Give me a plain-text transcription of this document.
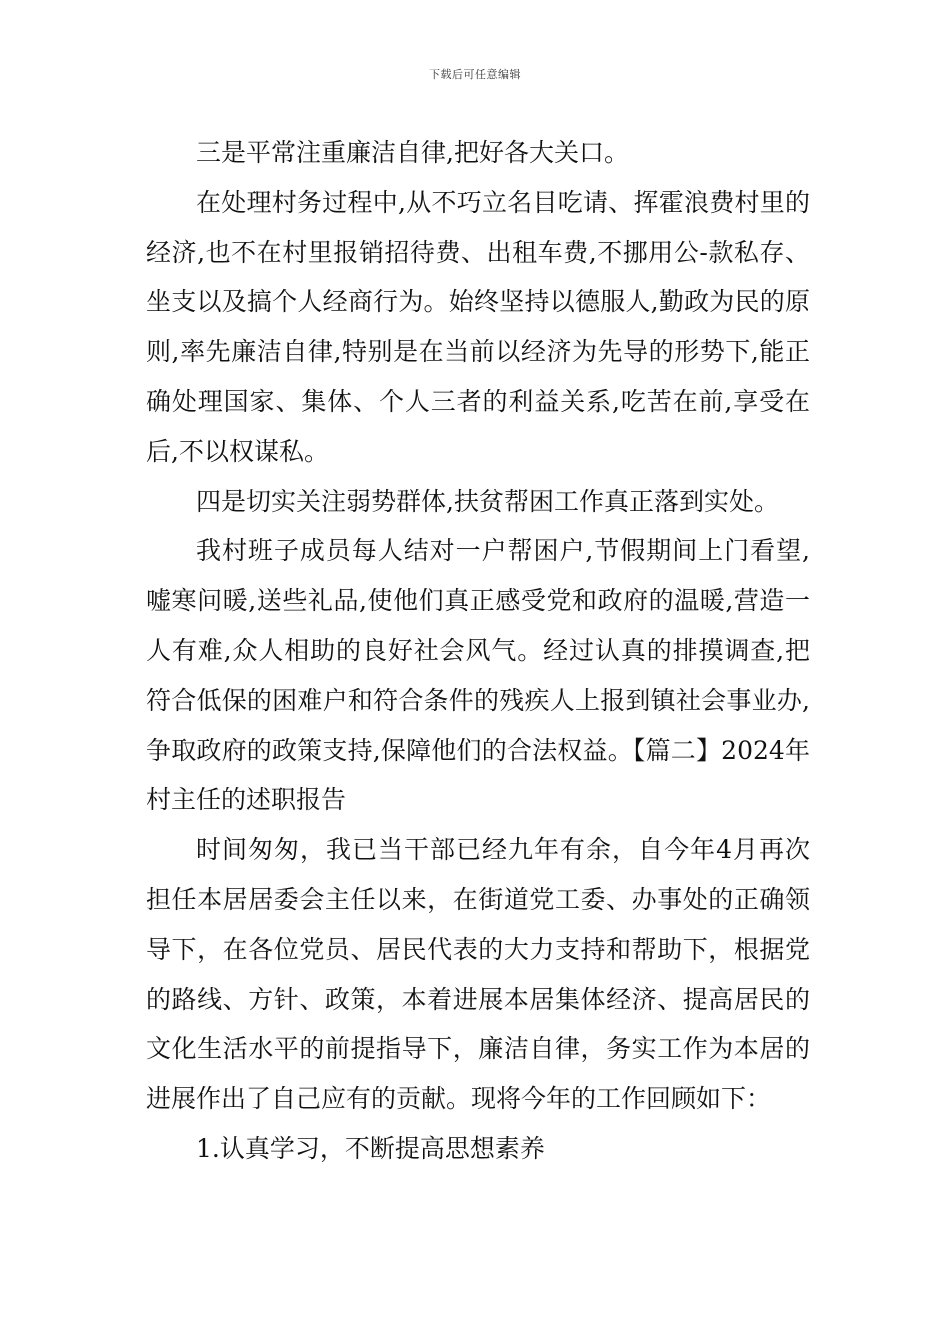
下载后可任意编辑

三是平常注重廉洁自律,把好各大关口。

在处理村务过程中,从不巧立名目吃请、挥霍浪费村里的经济,也不在村里报销招待费、出租车费,不挪用公-款私存、坐支以及搞个人经商行为。始终坚持以德服人,勤政为民的原则,率先廉洁自律,特别是在当前以经济为先导的形势下,能正确处理国家、集体、个人三者的利益关系,吃苦在前,享受在后,不以权谋私。

四是切实关注弱势群体,扶贫帮困工作真正落到实处。

我村班子成员每人结对一户帮困户,节假期间上门看望,嘘寒问暖,送些礼品,使他们真正感受党和政府的温暖,营造一人有难,众人相助的良好社会风气。经过认真的排摸调查,把符合低保的困难户和符合条件的残疾人上报到镇社会事业办,争取政府的政策支持,保障他们的合法权益。【篇二】2024年村主任的述职报告

时间匆匆，我已当干部已经九年有余，自今年4月再次担任本居居委会主任以来，在街道党工委、办事处的正确领导下，在各位党员、居民代表的大力支持和帮助下，根据党的路线、方针、政策，本着进展本居集体经济、提高居民的文化生活水平的前提指导下，廉洁自律，务实工作为本居的进展作出了自己应有的贡献。现将今年的工作回顾如下：

1.认真学习，不断提高思想素养
